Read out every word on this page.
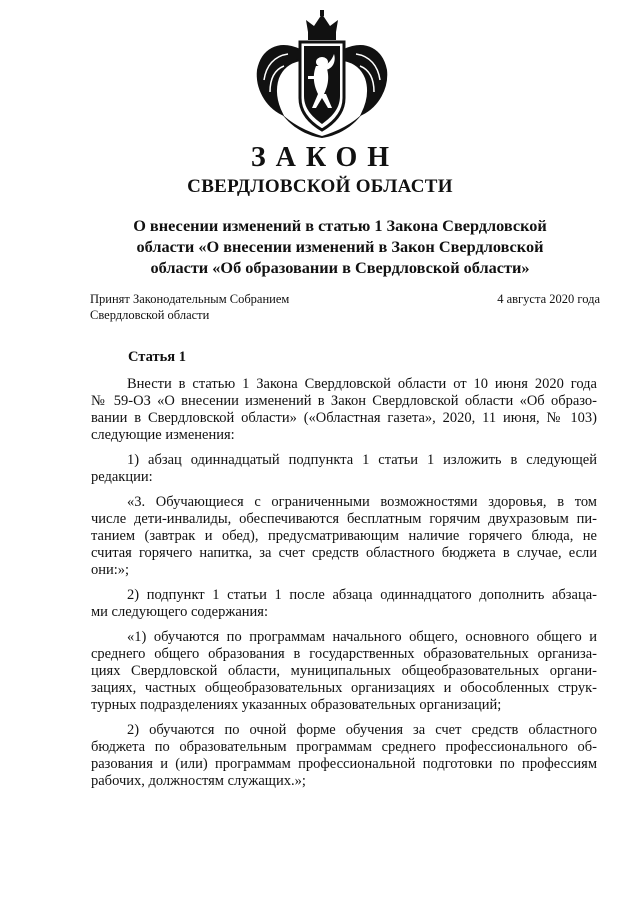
ЗАКОН
СВЕРДЛОВСКОЙ ОБЛАСТИ
О внесении изменений в статью 1 Закона Свердловской
области «О внесении изменений в Закон Свердловской
области «Об образовании в Свердловской области»
Принят Законодательным Собранием
Свердловской области
4 августа 2020 года
Статья 1
Внести в статью 1 Закона Свердловской области от 10 июня 2020 года
№ 59-ОЗ «О внесении изменений в Закон Свердловской области «Об образо-
вании в Свердловской области» («Областная газета», 2020, 11 июня, № 103)
следующие изменения:
1) абзац одиннадцатый подпункта 1 статьи 1 изложить в следующей
редакции:
«3. Обучающиеся с ограниченными возможностями здоровья, в том
числе дети-инвалиды, обеспечиваются бесплатным горячим двухразовым пи-
танием (завтрак и обед), предусматривающим наличие горячего блюда, не
считая горячего напитка, за счет средств областного бюджета в случае, если
они:»;
2) подпункт 1 статьи 1 после абзаца одиннадцатого дополнить абзаца-
ми следующего содержания:
«1) обучаются по программам начального общего, основного общего и
среднего общего образования в государственных образовательных организа-
циях Свердловской области, муниципальных общеобразовательных органи-
зациях, частных общеобразовательных организациях и обособленных струк-
турных подразделениях указанных образовательных организаций;
2) обучаются по очной форме обучения за счет средств областного
бюджета по образовательным программам среднего профессионального об-
разования и (или) программам профессиональной подготовки по профессиям
рабочих, должностям служащих.»;
